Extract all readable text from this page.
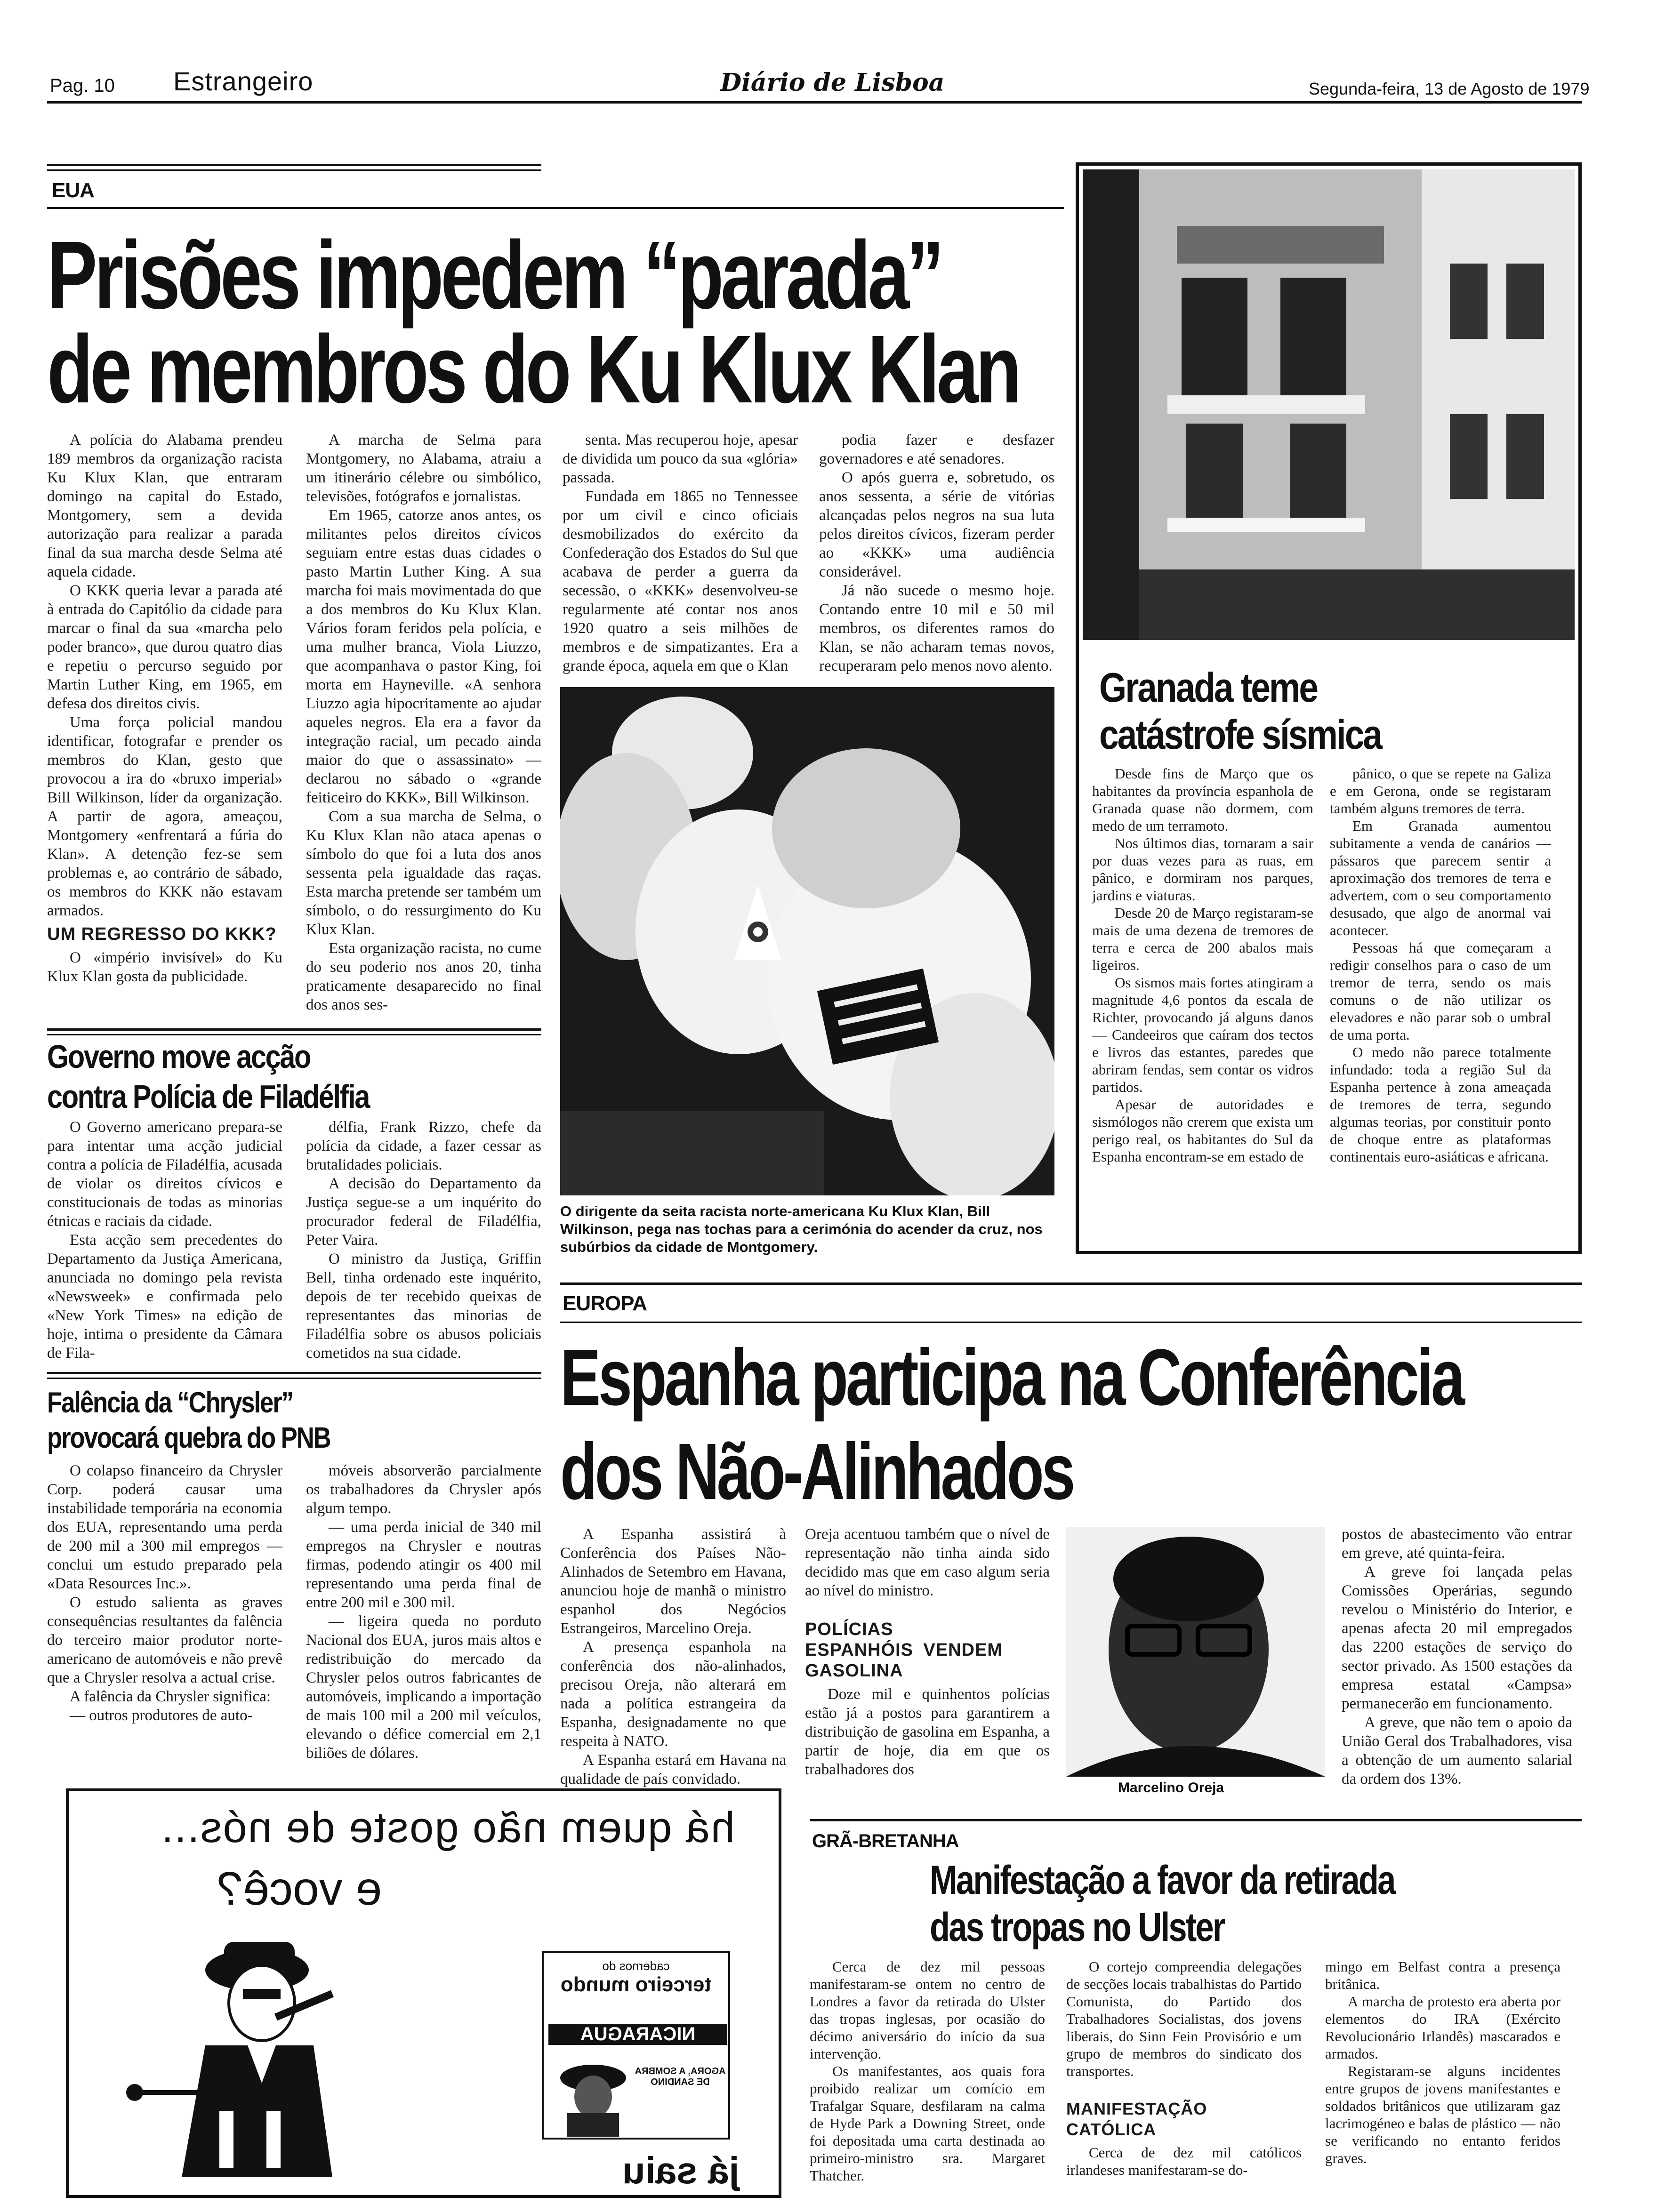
Pag. 10 Estrangeiro	Diário de Lisboa	Segunda-feira, 13 de Agosto de 1979
EUA
Prisões impedem “parada”
de membros do Ku Klux Klan

A polícia do Alabama prendeu 189 membros da organização racista Ku Klux Klan, que entraram domingo na capital do Estado, Montgomery, sem a devida autorização para realizar a parada final da sua marcha desde Selma até aquela cidade.

O KKK queria levar a parada até à entrada do Capitólio da cidade para marcar o final da sua «marcha pelo poder branco», que durou quatro dias e repetiu o percurso seguido por Martin Luther King, em 1965, em defesa dos direitos civis.

Uma força policial mandou identificar, fotografar e prender os membros do Klan, gesto que provocou a ira do «bruxo imperial» Bill Wilkinson, líder da organização. A partir de agora, ameaçou, Montgomery «enfrentará a fúria do Klan». A detenção fez-se sem problemas e, ao contrário de sábado, os membros do KKK não estavam armados.

UM REGRESSO DO KKK?

O «império invisível» do Ku Klux Klan gosta da publicidade.

A marcha de Selma para Montgomery, no Alabama, atraiu a um itinerário célebre ou simbólico, televisões, fotógrafos e jornalistas.

Em 1965, catorze anos antes, os militantes pelos direitos cívicos seguiam entre estas duas cidades o pasto Martin Luther King. A sua marcha foi mais movimentada do que a dos membros do Ku Klux Klan. Vários foram feridos pela polícia, e uma mulher branca, Viola Liuzzo, que acompanhava o pastor King, foi morta em Hayneville. «A senhora Liuzzo agia hipocritamente ao ajudar aqueles negros. Ela era a favor da integração racial, um pecado ainda maior do que o assassinato» — declarou no sábado o «grande feiticeiro do KKK», Bill Wilkinson.

Com a sua marcha de Selma, o Ku Klux Klan não ataca apenas o símbolo do que foi a luta dos anos sessenta pela igualdade das raças. Esta marcha pretende ser também um símbolo, o do ressurgimento do Ku Klux Klan.

Esta organização racista, no cume do seu poderio nos anos 20, tinha praticamente desaparecido no final dos anos ses-

senta. Mas recuperou hoje, apesar de dividida um pouco da sua «glória» passada.

Fundada em 1865 no Tennessee por um civil e cinco oficiais desmobilizados do exército da Confederação dos Estados do Sul que acabava de perder a guerra da secessão, o «KKK» desenvolveu-se regularmente até contar nos anos 1920 quatro a seis milhões de membros e de simpatizantes. Era a grande época, aquela em que o Klan

podia fazer e desfazer governadores e até senadores.

O após guerra e, sobretudo, os anos sessenta, a série de vitórias alcançadas pelos negros na sua luta pelos direitos cívicos, fizeram perder ao «KKK» uma audiência considerável.

Já não sucede o mesmo hoje. Contando entre 10 mil e 50 mil membros, os diferentes ramos do Klan, se não acharam temas novos, recuperaram pelo menos novo alento.

O dirigente da seita racista norte-americana Ku Klux Klan, Bill Wilkinson, pega nas tochas para a cerimónia do acender da cruz, nos subúrbios da cidade de Montgomery.
Granada teme
catástrofe sísmica

Desde fins de Março que os habitantes da província espanhola de Granada quase não dormem, com medo de um terramoto.

Nos últimos dias, tornaram a sair por duas vezes para as ruas, em pânico, e dormiram nos parques, jardins e viaturas.

Desde 20 de Março registaram-se mais de uma dezena de tremores de terra e cerca de 200 abalos mais ligeiros.

Os sismos mais fortes atingiram a magnitude 4,6 pontos da escala de Richter, provocando já alguns danos — Candeeiros que caíram dos tectos e livros das estantes, paredes que abriram fendas, sem contar os vidros partidos.

Apesar de autoridades e sismólogos não crerem que exista um perigo real, os habitantes do Sul da Espanha encontram-se em estado de

pânico, o que se repete na Galiza e em Gerona, onde se registaram também alguns tremores de terra.

Em Granada aumentou subitamente a venda de canários — pássaros que parecem sentir a aproximação dos tremores de terra e advertem, com o seu comportamento desusado, que algo de anormal vai acontecer.

Pessoas há que começaram a redigir conselhos para o caso de um tremor de terra, sendo os mais comuns o de não utilizar os elevadores e não parar sob o umbral de uma porta.

O medo não parece totalmente infundado: toda a região Sul da Espanha pertence à zona ameaçada de tremores de terra, segundo algumas teorias, por constituir ponto de choque entre as plataformas continentais euro-asiáticas e africana.

Governo move acção
contra Polícia de Filadélfia

O Governo americano prepara-se para intentar uma acção judicial contra a polícia de Filadélfia, acusada de violar os direitos cívicos e constitucionais de todas as minorias étnicas e raciais da cidade.

Esta acção sem precedentes do Departamento da Justiça Americana, anunciada no domingo pela revista «Newsweek» e confirmada pelo «New York Times» na edição de hoje, intima o presidente da Câmara de Fila-

délfia, Frank Rizzo, chefe da polícia da cidade, a fazer cessar as brutalidades policiais.

A decisão do Departamento da Justiça segue-se a um inquérito do procurador federal de Filadélfia, Peter Vaira.

O ministro da Justiça, Griffin Bell, tinha ordenado este inquérito, depois de ter recebido queixas de representantes das minorias de Filadélfia sobre os abusos policiais cometidos na sua cidade.

Falência da “Chrysler”
provocará quebra do PNB

O colapso financeiro da Chrysler Corp. poderá causar uma instabilidade temporária na economia dos EUA, representando uma perda de 200 mil a 300 mil empregos — conclui um estudo preparado pela «Data Resources Inc.».

O estudo salienta as graves consequências resultantes da falência do terceiro maior produtor norte-americano de automóveis e não prevê que a Chrysler resolva a actual crise.

A falência da Chrysler significa:

— outros produtores de auto-

móveis absorverão parcialmente os trabalhadores da Chrysler após algum tempo.

— uma perda inicial de 340 mil empregos na Chrysler e noutras firmas, podendo atingir os 400 mil representando uma perda final de entre 200 mil e 300 mil.

— ligeira queda no porduto Nacional dos EUA, juros mais altos e redistribuição do mercado da Chrysler pelos outros fabricantes de automóveis, implicando a importação de mais 100 mil a 200 mil veículos, elevando o défice comercial em 2,1 biliões de dólares.

EUROPA
Espanha participa na Conferência
dos Não-Alinhados

A Espanha assistirá à Conferência dos Países Não-Alinhados de Setembro em Havana, anunciou hoje de manhã o ministro espanhol dos Negócios Estrangeiros, Marcelino Oreja.

A presença espanhola na conferência dos não-alinhados, precisou Oreja, não alterará em nada a política estrangeira da Espanha, designadamente no que respeita à NATO.

A Espanha estará em Havana na qualidade de país convidado.

Oreja acentuou também que o nível de representação não tinha ainda sido decidido mas que em caso algum seria ao nível do ministro.

POLÍCIAS ESPANHÓIS VENDEM GASOLINA

Doze mil e quinhentos polícias estão já a postos para garantirem a distribuição de gasolina em Espanha, a partir de hoje, dia em que os trabalhadores dos

Marcelino Oreja

postos de abastecimento vão entrar em greve, até quinta-feira.

A greve foi lançada pelas Comissões Operárias, segundo revelou o Ministério do Interior, e apenas afecta 20 mil empregados das 2200 estações de serviço do sector privado. As 1500 estações da empresa estatal «Campsa» permanecerão em funcionamento.

A greve, que não tem o apoio da União Geral dos Trabalhadores, visa a obtenção de um aumento salarial da ordem dos 13%.

há quem não goste de nós...
e você?
cadernos do
terceiro mundo
NICARAGUA
AGORA, A SOMBRA DE SANDINO
já saiu
GRÃ-BRETANHA
Manifestação a favor da retirada
das tropas no Ulster

Cerca de dez mil pessoas manifestaram-se ontem no centro de Londres a favor da retirada do Ulster das tropas inglesas, por ocasião do décimo aniversário do início da sua intervenção.

Os manifestantes, aos quais fora proibido realizar um comício em Trafalgar Square, desfilaram na calma de Hyde Park a Downing Street, onde foi depositada uma carta destinada ao primeiro-ministro sra. Margaret Thatcher.

O cortejo compreendia delegações de secções locais trabalhistas do Partido Comunista, do Partido dos Trabalhadores Socialistas, dos jovens liberais, do Sinn Fein Provisório e um grupo de membros do sindicato dos transportes.

MANIFESTAÇÃO CATÓLICA

Cerca de dez mil católicos irlandeses manifestaram-se do-

mingo em Belfast contra a presença britânica.

A marcha de protesto era aberta por elementos do IRA (Exército Revolucionário Irlandês) mascarados e armados.

Registaram-se alguns incidentes entre grupos de jovens manifestantes e soldados britânicos que utilizaram gaz lacrimogéneo e balas de plástico — não se verificando no entanto feridos graves.
